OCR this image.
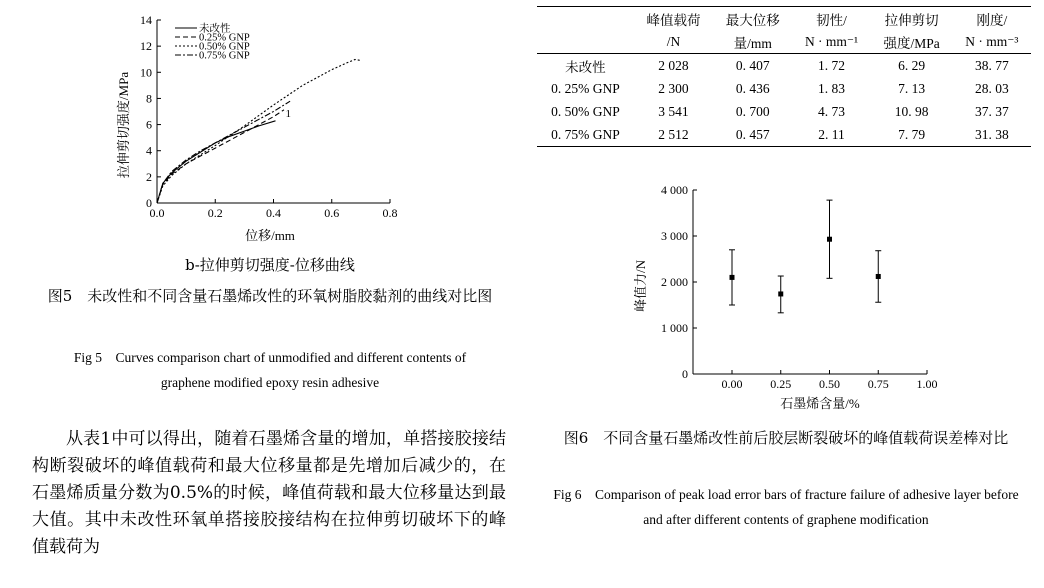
0.0	0.2	0.4	0.6	0.8
0
2
4
6
8
10
12
14
1
未改性
0.25% GNP
0.50% GNP
0.75% GNP
拉伸剪切强度/MPa
位移/mm
b-拉伸剪切强度-位移曲线
图5　未改性和不同含量石墨烯改性的环氧树脂胶黏剂的曲线对比图
Fig 5　Curves comparison chart of unmodified and different contents of graphene modified epoxy resin adhesive
从表1中可以得出，随着石墨烯含量的增加，单搭接胶接结构断裂破坏的峰值载荷和最大位移量都是先增加后减少的，在石墨烯质量分数为0.5%的时候，峰值荷载和最大位移量达到最大值。其中未改性环氧单搭接胶接结构在拉伸剪切破坏下的峰值载荷为
	峰值载荷	最大位移	韧性/	拉伸剪切	刚度/
	/N	量/mm	N · mm⁻¹	强度/MPa	N · mm⁻³
未改性	2 028	0. 407	1. 72	6. 29	38. 77
0. 25% GNP	2 300	0. 436	1. 83	7. 13	28. 03
0. 50% GNP	3 541	0. 700	4. 73	10. 98	37. 37
0. 75% GNP	2 512	0. 457	2. 11	7. 79	31. 38
0.00 0.25 0.50 0.75 1.00
0
1 000
2 000
3 000
4 000
峰值力/N
石墨烯含量/%
图6　不同含量石墨烯改性前后胶层断裂破坏的峰值载荷误差棒对比
Fig 6　Comparison of peak load error bars of fracture failure of adhesive layer before and after different contents of graphene modification
